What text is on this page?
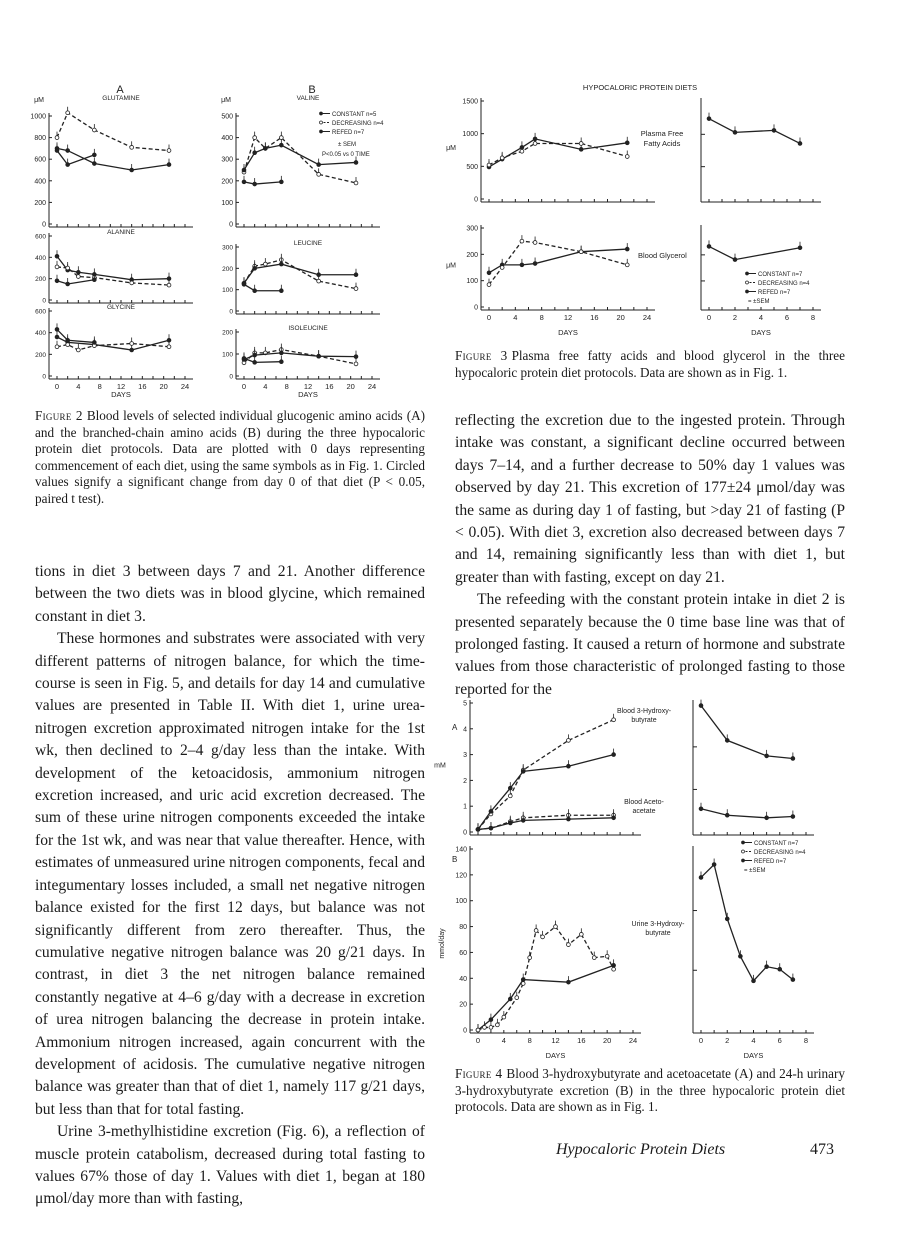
0
200
400
600
800
1000
GLUTAMINE
μM
0
200
400
600
ALANINE
0
200
400
600
0 4 8 12 16 20 24
DAYS
GLYCINE
0
100
200
300
400
500
VALINE
μM
0
100
200
300
LEUCINE
0
100
200
0 4 8 12 16 20 24
DAYS
ISOLEUCINE
A	B
CONSTANT n=5
DECREASING n=4
REFED n=7
± SEM
P<0.05 vs 0 TIME
Figure 2 Blood levels of selected individual glucogenic amino acids (A) and the branched-chain amino acids (B) during the three hypocaloric protein diet protocols. Data are plotted with 0 days representing commencement of each diet, using the same symbols as in Fig. 1. Circled values signify a significant change from day 0 of that diet (P < 0.05, paired t test).
0
500
1000
1500
μM
0
100
200
300
0	4	8	12 16 20 24
DAYS
μM
0	2	4	6	8
DAYS
HYPOCALORIC PROTEIN DIETS
Plasma Free
Fatty Acids
Blood Glycerol
CONSTANT n=7
DECREASING n=4
REFED n=7
= ±SEM
Figure 3 Plasma free fatty acids and blood glycerol in the three hypocaloric protein diet protocols. Data are shown as in Fig. 1.
0
1
2
3
4
5
mM
0
20
40
60
80
100
120
140
0	4	8	12 16 20 24
DAYS
mmol/day
0	2	4	6	8
DAYS
A
B
Blood 3-Hydroxy-
butyrate
Blood Aceto-
acetate
Urine 3-Hydroxy-
butyrate
CONSTANT n=7
DECREASING n=4
REFED n=7
= ±SEM
Figure 4 Blood 3-hydroxybutyrate and acetoacetate (A) and 24-h urinary 3-hydroxybutyrate excretion (B) in the three hypocaloric protein diet protocols. Data are shown as in Fig. 1.

tions in diet 3 between days 7 and 21. Another difference between the two diets was in blood glycine, which remained constant in diet 3.

These hormones and substrates were associated with very different patterns of nitrogen balance, for which the time-course is seen in Fig. 5, and details for day 14 and cumulative values are presented in Table II. With diet 1, urine urea-nitrogen excretion approximated nitrogen intake for the 1st wk, then declined to 2–4 g/day less than the intake. With development of the ketoacidosis, ammonium nitrogen excretion increased, and uric acid excretion decreased. The sum of these urine nitrogen components exceeded the intake for the 1st wk, and was near that value thereafter. Hence, with estimates of unmeasured urine nitrogen components, fecal and integumentary losses included, a small net negative nitrogen balance existed for the first 12 days, but balance was not significantly different from zero thereafter. Thus, the cumulative negative nitrogen balance was 20 g/21 days. In contrast, in diet 3 the net nitrogen balance remained constantly negative at 4–6 g/day with a decrease in excretion of urea nitrogen balancing the decrease in protein intake. Ammonium nitrogen increased, again concurrent with the development of acidosis. The cumulative negative nitrogen balance was greater than that of diet 1, namely 117 g/21 days, but less than that for total fasting.

Urine 3-methylhistidine excretion (Fig. 6), a reflection of muscle protein catabolism, decreased during total fasting to values 67% those of day 1. Values with diet 1, began at 180 μmol/day more than with fasting,

reflecting the excretion due to the ingested protein. Through intake was constant, a significant decline occurred between days 7–14, and a further decrease to 50% day 1 values was observed by day 21. This excretion of 177±24 μmol/day was the same as during day 1 of fasting, but >day 21 of fasting (P < 0.05). With diet 3, excretion also decreased between days 7 and 14, remaining significantly less than with diet 1, but greater than with fasting, except on day 21.

The refeeding with the constant protein intake in diet 2 is presented separately because the 0 time base line was that of prolonged fasting. It caused a return of hormone and substrate values from those characteristic of prolonged fasting to those reported for the

Hypocaloric Protein Diets	473
